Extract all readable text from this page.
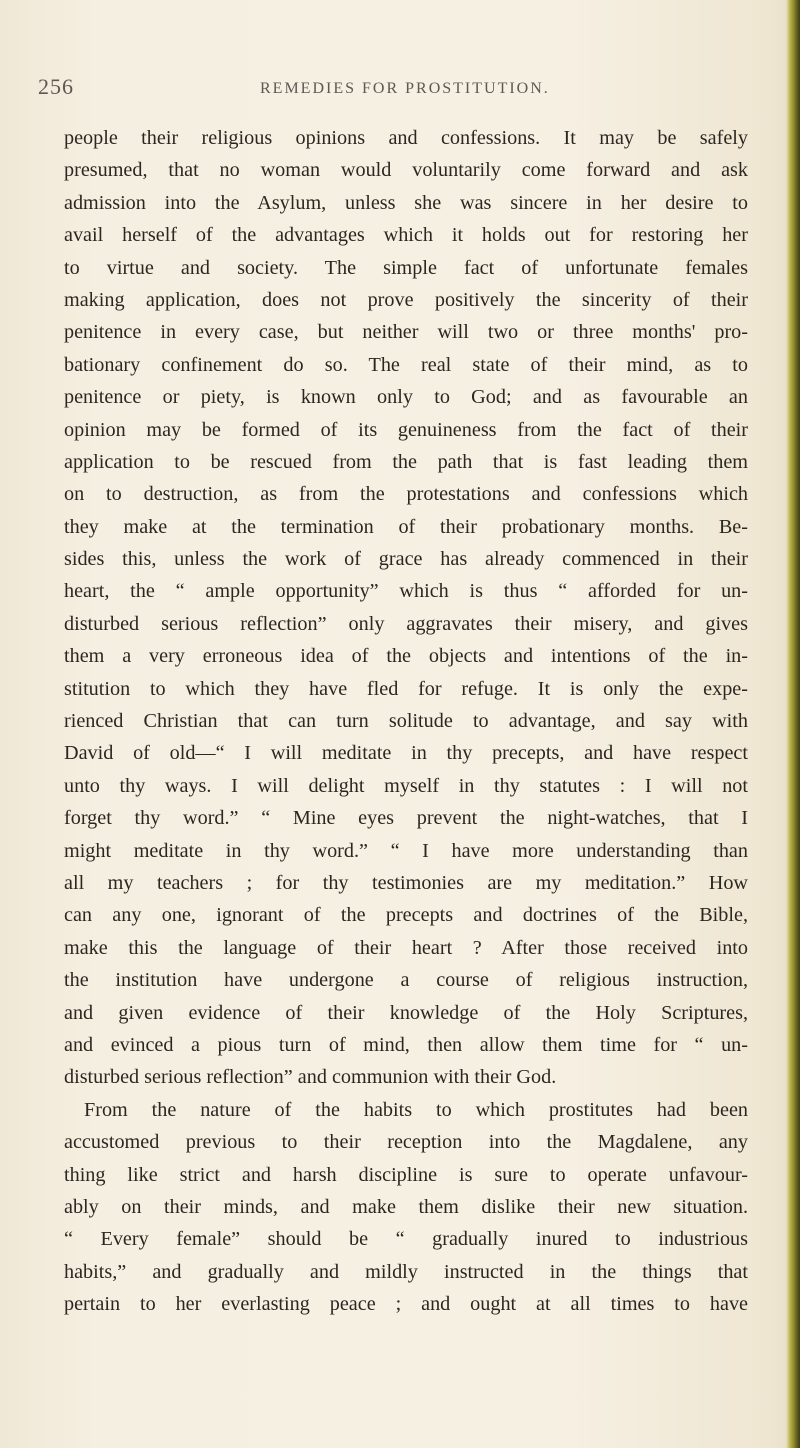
256	REMEDIES FOR PROSTITUTION.
people their religious opinions and confessions. It may be safely
presumed, that no woman would voluntarily come forward and ask
admission into the Asylum, unless she was sincere in her desire to
avail herself of the advantages which it holds out for restoring her
to virtue and society. The simple fact of unfortunate females
making application, does not prove positively the sincerity of their
penitence in every case, but neither will two or three months' pro-
bationary confinement do so. The real state of their mind, as to
penitence or piety, is known only to God; and as favourable an
opinion may be formed of its genuineness from the fact of their
application to be rescued from the path that is fast leading them
on to destruction, as from the protestations and confessions which
they make at the termination of their probationary months. Be-
sides this, unless the work of grace has already commenced in their
heart, the “ ample opportunity” which is thus “ afforded for un-
disturbed serious reflection” only aggravates their misery, and gives
them a very erroneous idea of the objects and intentions of the in-
stitution to which they have fled for refuge. It is only the expe-
rienced Christian that can turn solitude to advantage, and say with
David of old—“ I will meditate in thy precepts, and have respect
unto thy ways. I will delight myself in thy statutes : I will not
forget thy word.” “ Mine eyes prevent the night-watches, that I
might meditate in thy word.” “ I have more understanding than
all my teachers ; for thy testimonies are my meditation.” How
can any one, ignorant of the precepts and doctrines of the Bible,
make this the language of their heart ? After those received into
the institution have undergone a course of religious instruction,
and given evidence of their knowledge of the Holy Scriptures,
and evinced a pious turn of mind, then allow them time for “ un-
disturbed serious reflection” and communion with their God.
From the nature of the habits to which prostitutes had been
accustomed previous to their reception into the Magdalene, any
thing like strict and harsh discipline is sure to operate unfavour-
ably on their minds, and make them dislike their new situation.
“ Every female” should be “ gradually inured to industrious
habits,” and gradually and mildly instructed in the things that
pertain to her everlasting peace ; and ought at all times to have
